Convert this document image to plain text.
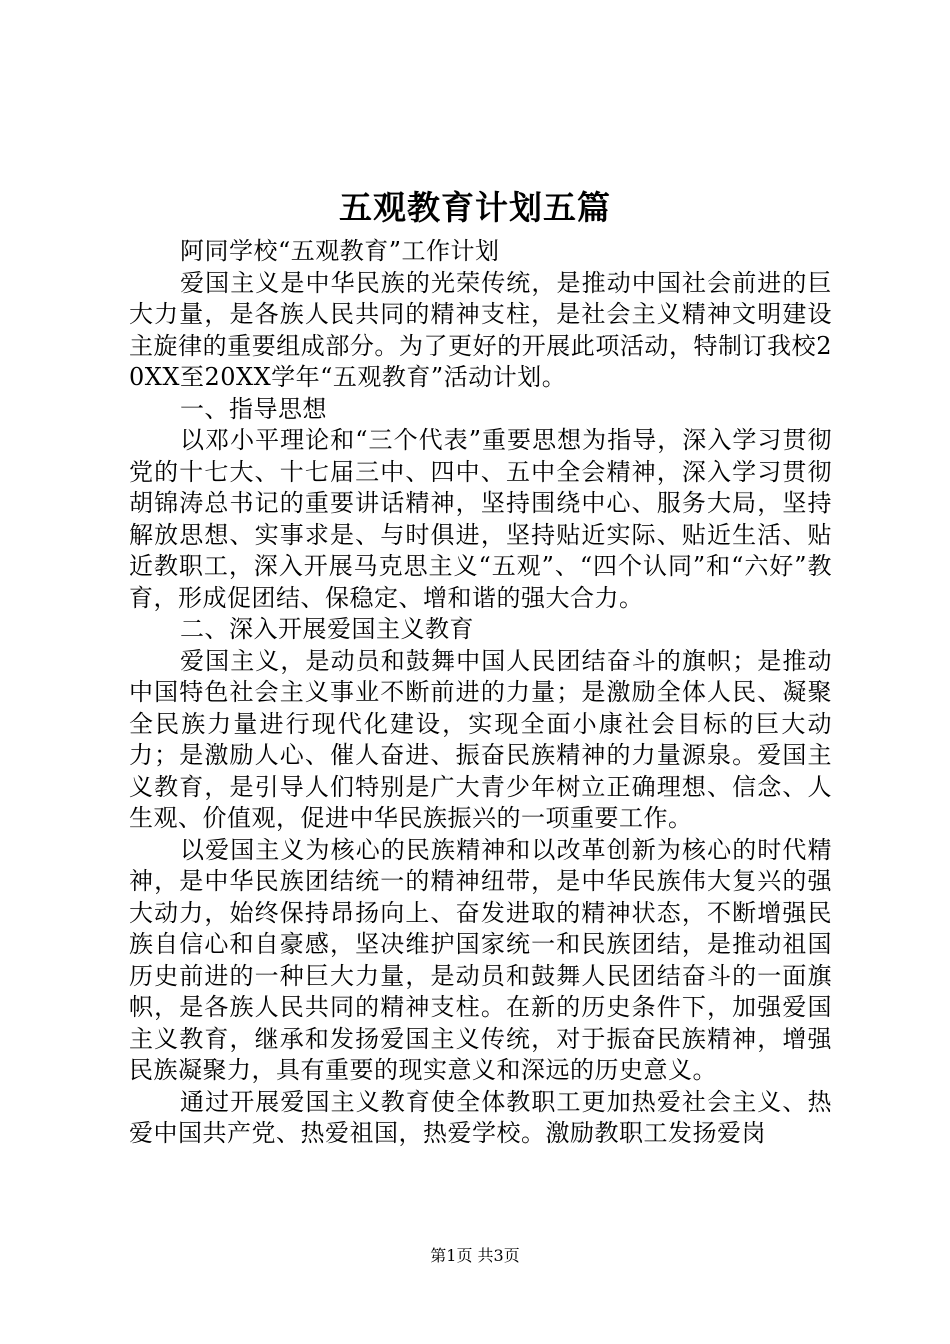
五观教育计划五篇

阿同学校“五观教育”工作计划

爱国主义是中华民族的光荣传统，是推动中国社会前进的巨大力量，是各族人民共同的精神支柱，是社会主义精神文明建设主旋律的重要组成部分。为了更好的开展此项活动，特制订我校20XX至20XX学年“五观教育”活动计划。

一、指导思想

以邓小平理论和“三个代表”重要思想为指导，深入学习贯彻党的十七大、十七届三中、四中、五中全会精神，深入学习贯彻胡锦涛总书记的重要讲话精神，坚持围绕中心、服务大局，坚持解放思想、实事求是、与时俱进，坚持贴近实际、贴近生活、贴近教职工，深入开展马克思主义“五观”、“四个认同”和“六好”教育，形成促团结、保稳定、增和谐的强大合力。

二、深入开展爱国主义教育

爱国主义，是动员和鼓舞中国人民团结奋斗的旗帜；是推动中国特色社会主义事业不断前进的力量；是激励全体人民、凝聚全民族力量进行现代化建设，实现全面小康社会目标的巨大动力；是激励人心、催人奋进、振奋民族精神的力量源泉。爱国主义教育，是引导人们特别是广大青少年树立正确理想、信念、人生观、价值观，促进中华民族振兴的一项重要工作。

以爱国主义为核心的民族精神和以改革创新为核心的时代精神，是中华民族团结统一的精神纽带，是中华民族伟大复兴的强大动力，始终保持昂扬向上、奋发进取的精神状态，不断增强民族自信心和自豪感，坚决维护国家统一和民族团结，是推动祖国历史前进的一种巨大力量，是动员和鼓舞人民团结奋斗的一面旗帜，是各族人民共同的精神支柱。在新的历史条件下，加强爱国主义教育，继承和发扬爱国主义传统，对于振奋民族精神，增强民族凝聚力，具有重要的现实意义和深远的历史意义。

通过开展爱国主义教育使全体教职工更加热爱社会主义、热爱中国共产党、热爱祖国，热爱学校。激励教职工发扬爱岗

第1页 共3页
